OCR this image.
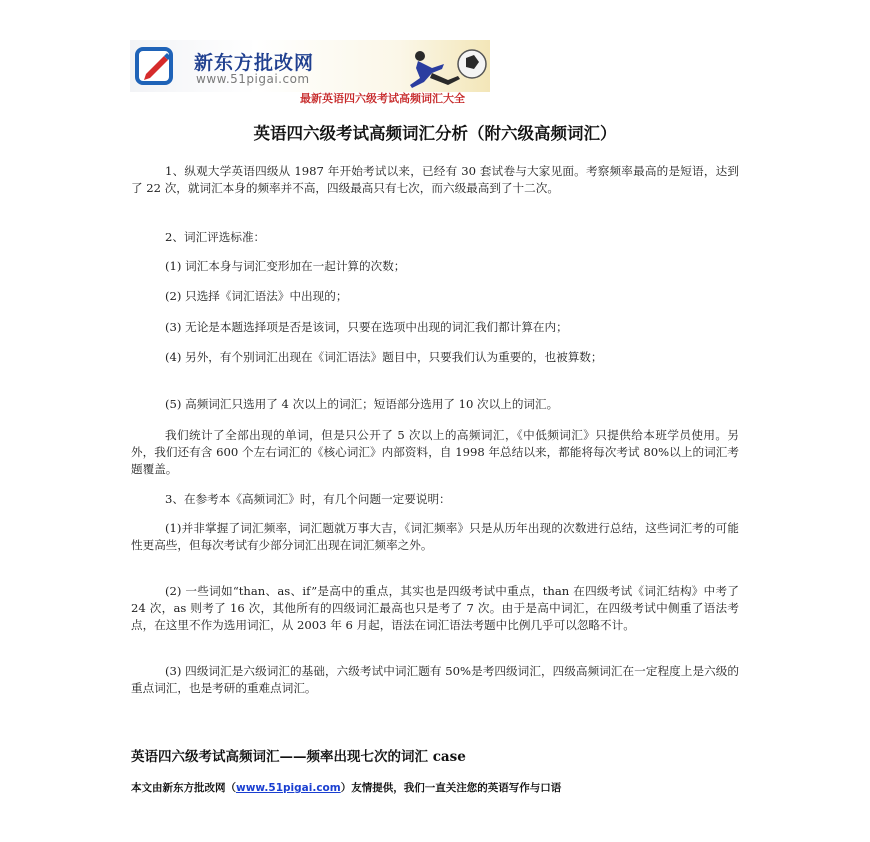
新东方批改网
www.51pigai.com
最新英语四六级考试高频词汇大全
英语四六级考试高频词汇分析（附六级高频词汇）

1、纵观大学英语四级从 1987 年开始考试以来，已经有 30 套试卷与大家见面。考察频率最高的是短语，达到了 22 次，就词汇本身的频率并不高，四级最高只有七次，而六级最高到了十二次。

2、词汇评选标准：

(1) 词汇本身与词汇变形加在一起计算的次数；

(2) 只选择《词汇语法》中出现的；

(3) 无论是本题选择项是否是该词，只要在选项中出现的词汇我们都计算在内；

(4) 另外，有个别词汇出现在《词汇语法》题目中，只要我们认为重要的，也被算数；

(5) 高频词汇只选用了 4 次以上的词汇；短语部分选用了 10 次以上的词汇。

我们统计了全部出现的单词，但是只公开了 5 次以上的高频词汇，《中低频词汇》只提供给本班学员使用。另外，我们还有含 600 个左右词汇的《核心词汇》内部资料，自 1998 年总结以来，都能将每次考试 80%以上的词汇考题覆盖。

3、在参考本《高频词汇》时，有几个问题一定要说明：

(1)并非掌握了词汇频率，词汇题就万事大吉，《词汇频率》只是从历年出现的次数进行总结，这些词汇考的可能性更高些，但每次考试有少部分词汇出现在词汇频率之外。

(2) 一些词如“than、as、if”是高中的重点，其实也是四级考试中重点，than 在四级考试《词汇结构》中考了 24 次，as 则考了 16 次，其他所有的四级词汇最高也只是考了 7 次。由于是高中词汇，在四级考试中侧重了语法考点，在这里不作为选用词汇，从 2003 年 6 月起，语法在词汇语法考题中比例几乎可以忽略不计。

(3) 四级词汇是六级词汇的基础，六级考试中词汇题有 50%是考四级词汇，四级高频词汇在一定程度上是六级的重点词汇，也是考研的重难点词汇。

英语四六级考试高频词汇——频率出现七次的词汇 case
本文由新东方批改网（www.51pigai.com）友情提供，我们一直关注您的英语写作与口语
